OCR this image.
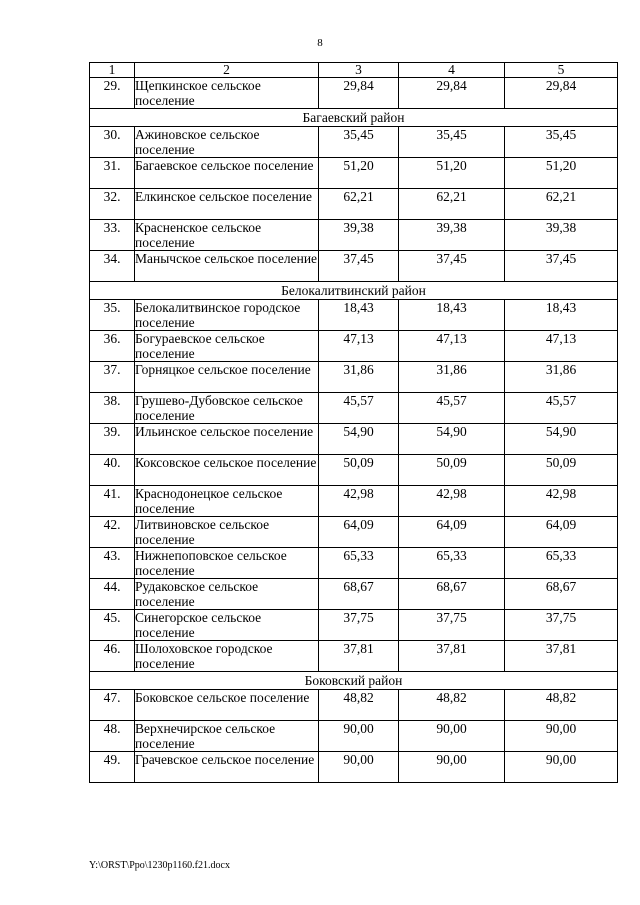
8
1	2	3	4	5
29.	Щепкинское сельское поселение	29,84	29,84	29,84
Багаевский район				
30.	Ажиновское сельское поселение	35,45	35,45	35,45
31.	Багаевское сельское поселение	51,20	51,20	51,20
32.	Елкинское сельское поселение	62,21	62,21	62,21
33.	Красненское сельское поселение	39,38	39,38	39,38
34.	Манычское сельское поселение	37,45	37,45	37,45
Белокалитвинский район				
35.	Белокалитвинское городское поселение	18,43	18,43	18,43
36.	Богураевское сельское поселение	47,13	47,13	47,13
37.	Горняцкое сельское поселение	31,86	31,86	31,86
38.	Грушево-Дубовское сельское поселение	45,57	45,57	45,57
39.	Ильинское сельское поселение	54,90	54,90	54,90
40.	Коксовское сельское поселение	50,09	50,09	50,09
41.	Краснодонецкое сельское поселение	42,98	42,98	42,98
42.	Литвиновское сельское поселение	64,09	64,09	64,09
43.	Нижнепоповское сельское поселение	65,33	65,33	65,33
44.	Рудаковское сельское поселение	68,67	68,67	68,67
45.	Синегорское сельское поселение	37,75	37,75	37,75
46.	Шолоховское городское поселение	37,81	37,81	37,81
Боковский район				
47.	Боковское сельское поселение	48,82	48,82	48,82
48.	Верхнечирское сельское поселение	90,00	90,00	90,00
49.	Грачевское сельское поселение	90,00	90,00	90,00
Y:\ORST\Ppo\1230p1160.f21.docx
